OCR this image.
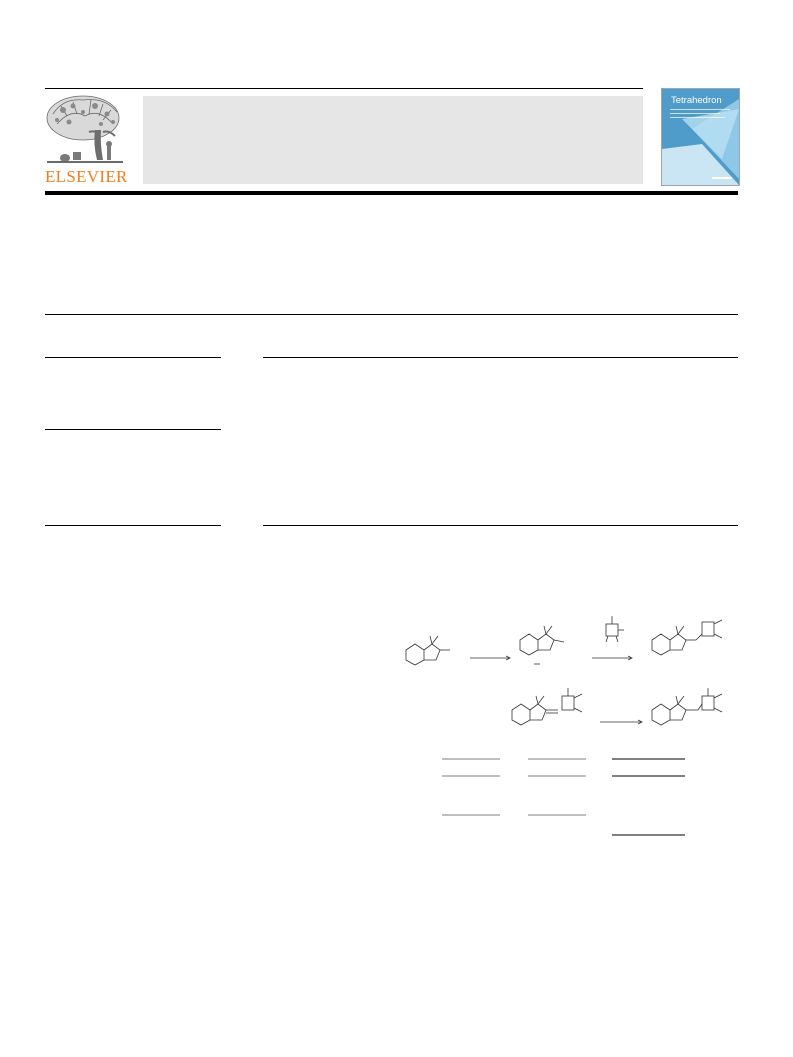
ELSEVIER
Tetrahedron
